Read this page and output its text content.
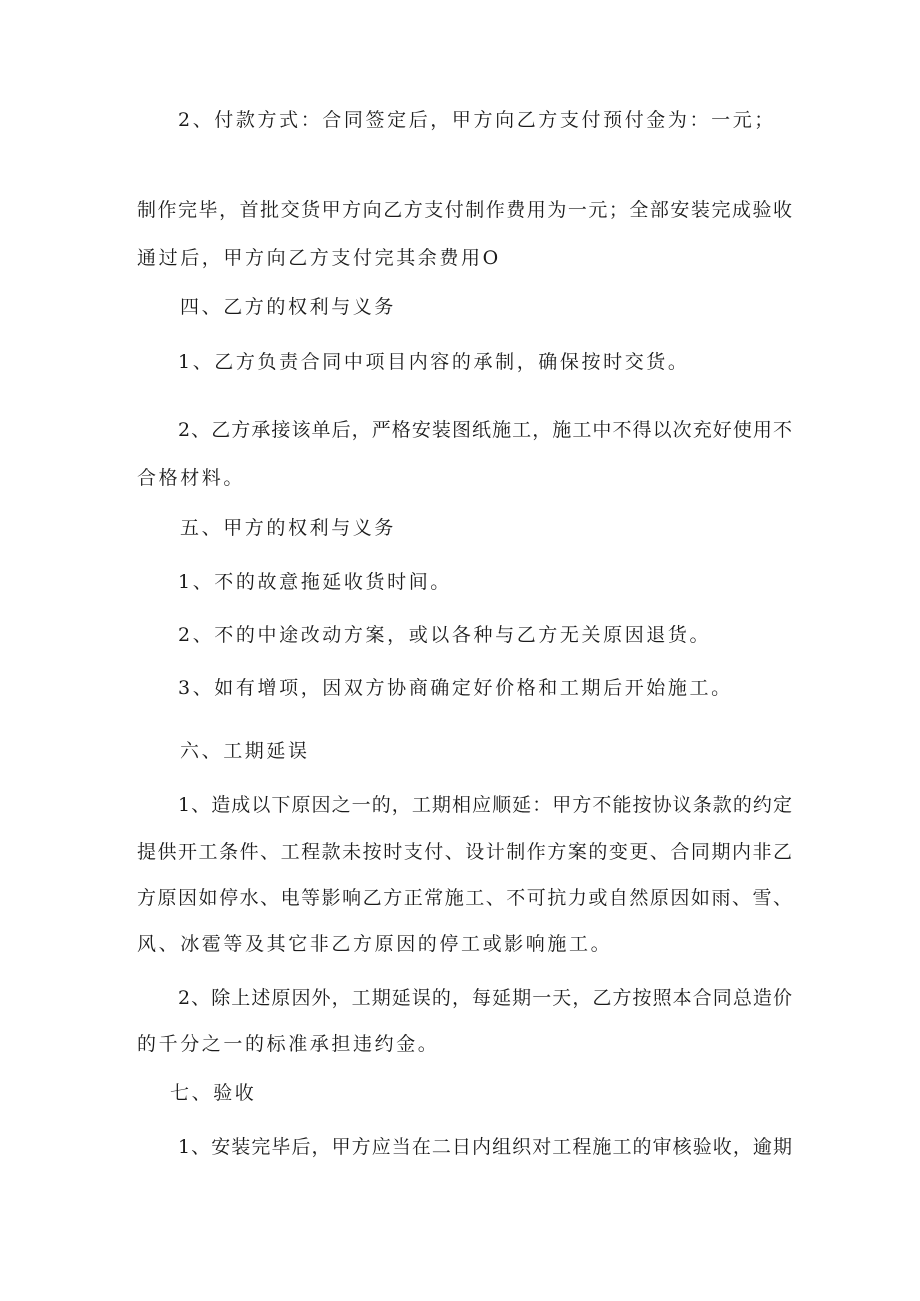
2、付款方式：合同签定后，甲方向乙方支付预付金为：一元；
制作完毕，首批交货甲方向乙方支付制作费用为一元；全部安装完成验收
通过后，甲方向乙方支付完其余费用O
四、乙方的权利与义务
1、乙方负责合同中项目内容的承制，确保按时交货。
2、乙方承接该单后，严格安装图纸施工，施工中不得以次充好使用不
合格材料。
五、甲方的权利与义务
1、不的故意拖延收货时间。
2、不的中途改动方案，或以各种与乙方无关原因退货。
3、如有增项，因双方协商确定好价格和工期后开始施工。
六、工期延误
1、造成以下原因之一的，工期相应顺延：甲方不能按协议条款的约定
提供开工条件、工程款未按时支付、设计制作方案的变更、合同期内非乙
方原因如停水、电等影响乙方正常施工、不可抗力或自然原因如雨、雪、
风、冰雹等及其它非乙方原因的停工或影响施工。
2、除上述原因外，工期延误的，每延期一天，乙方按照本合同总造价
的千分之一的标准承担违约金。
七、验收
1、安装完毕后，甲方应当在二日内组织对工程施工的审核验收，逾期
